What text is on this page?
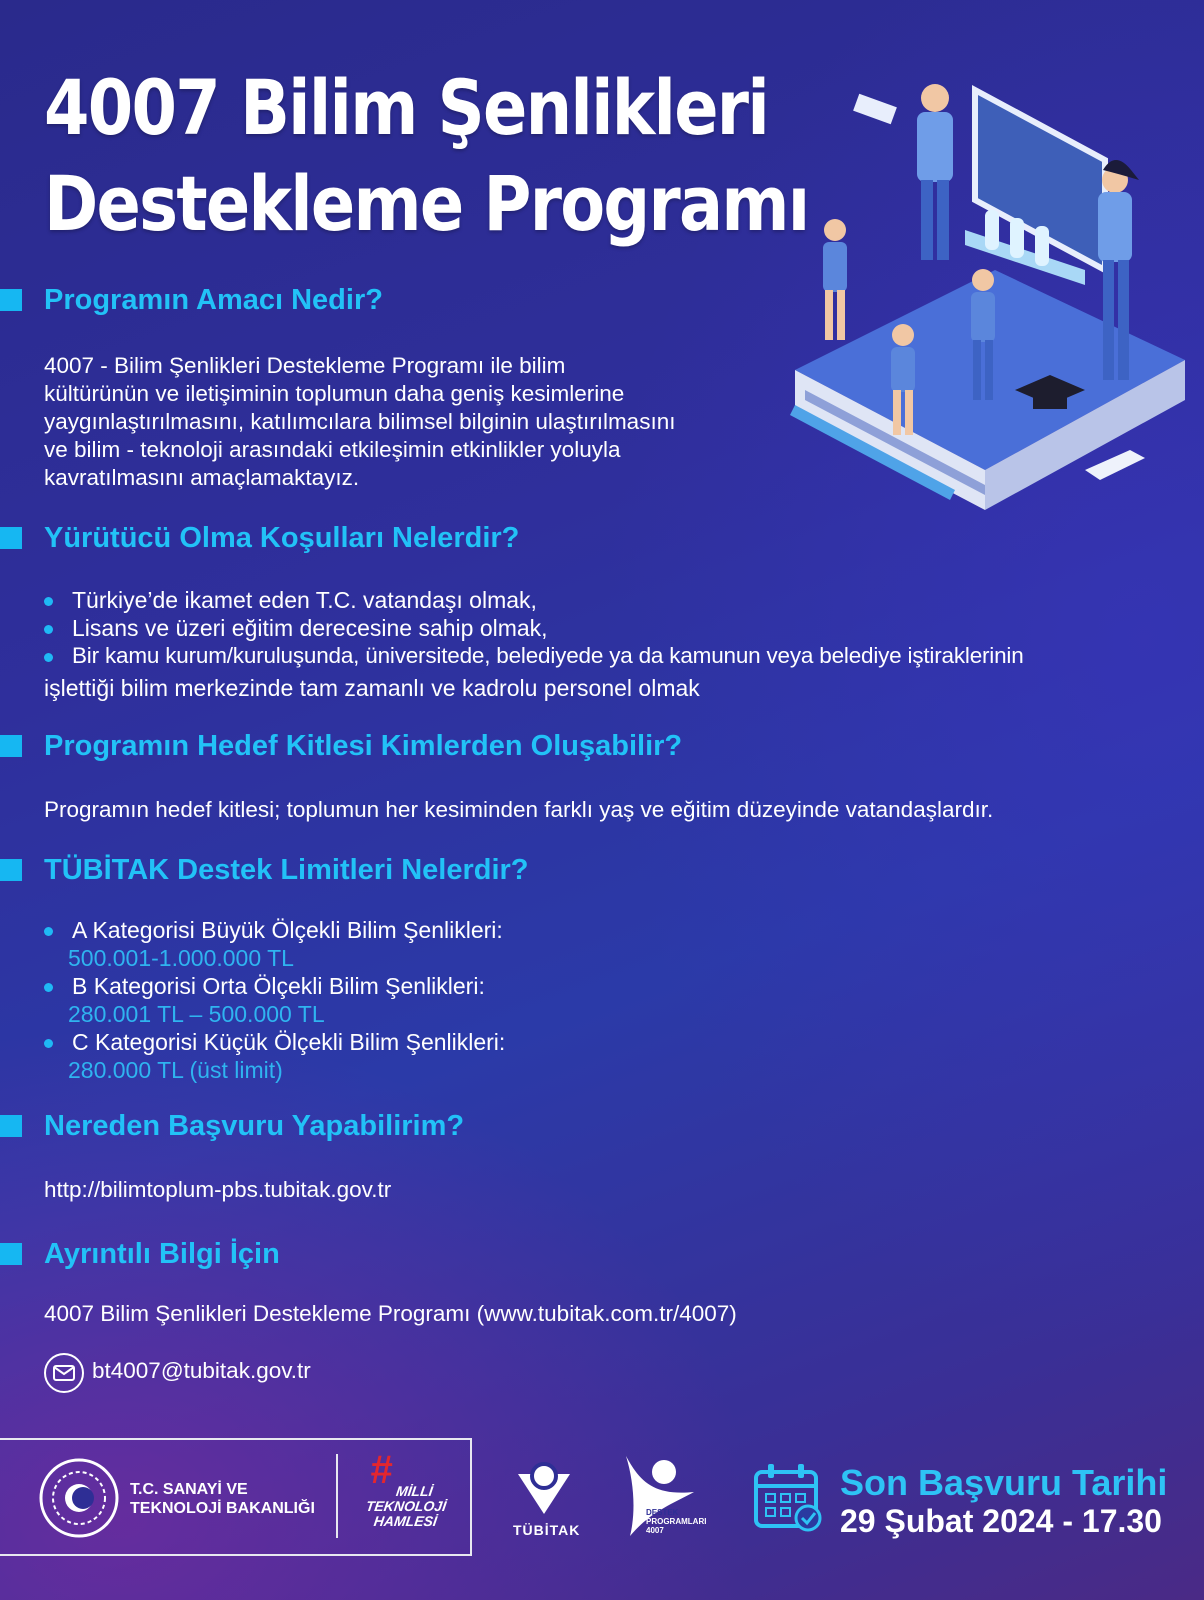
4007 Bilim Şenlikleri
Destekleme Programı
Programın Amacı Nedir?
4007 - Bilim Şenlikleri Destekleme Programı ile bilim
kültürünün ve iletişiminin toplumun daha geniş kesimlerine
yaygınlaştırılmasını, katılımcılara bilimsel bilginin ulaştırılmasını
ve bilim - teknoloji arasındaki etkileşimin etkinlikler yoluyla
kavratılmasını amaçlamaktayız.
Yürütücü Olma Koşulları Nelerdir?
Türkiye’de ikamet eden T.C. vatandaşı olmak,
Lisans ve üzeri eğitim derecesine sahip olmak,
Bir kamu kurum/kuruluşunda, üniversitede, belediyede ya da kamunun veya belediye iştiraklerinin
işlettiği bilim merkezinde tam zamanlı ve kadrolu personel olmak
Programın Hedef Kitlesi Kimlerden Oluşabilir?
Programın hedef kitlesi; toplumun her kesiminden farklı yaş ve eğitim düzeyinde vatandaşlardır.
TÜBİTAK Destek Limitleri Nelerdir?
A Kategorisi Büyük Ölçekli Bilim Şenlikleri:
500.001-1.000.000 TL
B Kategorisi Orta Ölçekli Bilim Şenlikleri:
280.001 TL – 500.000 TL
C Kategorisi Küçük Ölçekli Bilim Şenlikleri:
280.000 TL (üst limit)
Nereden Başvuru Yapabilirim?
http://bilimtoplum-pbs.tubitak.gov.tr
Ayrıntılı Bilgi İçin
4007 Bilim Şenlikleri Destekleme Programı (www.tubitak.com.tr/4007)
bt4007@tubitak.gov.tr
T.C. SANAYİ VE
TEKNOLOJİ BAKANLIĞI
# MİLLİ
TEKNOLOJİ
HAMLESİ
TÜBİTAK
DESTEK
PROGRAMLARI
4007
Son Başvuru Tarihi
29 Şubat 2024 - 17.30
